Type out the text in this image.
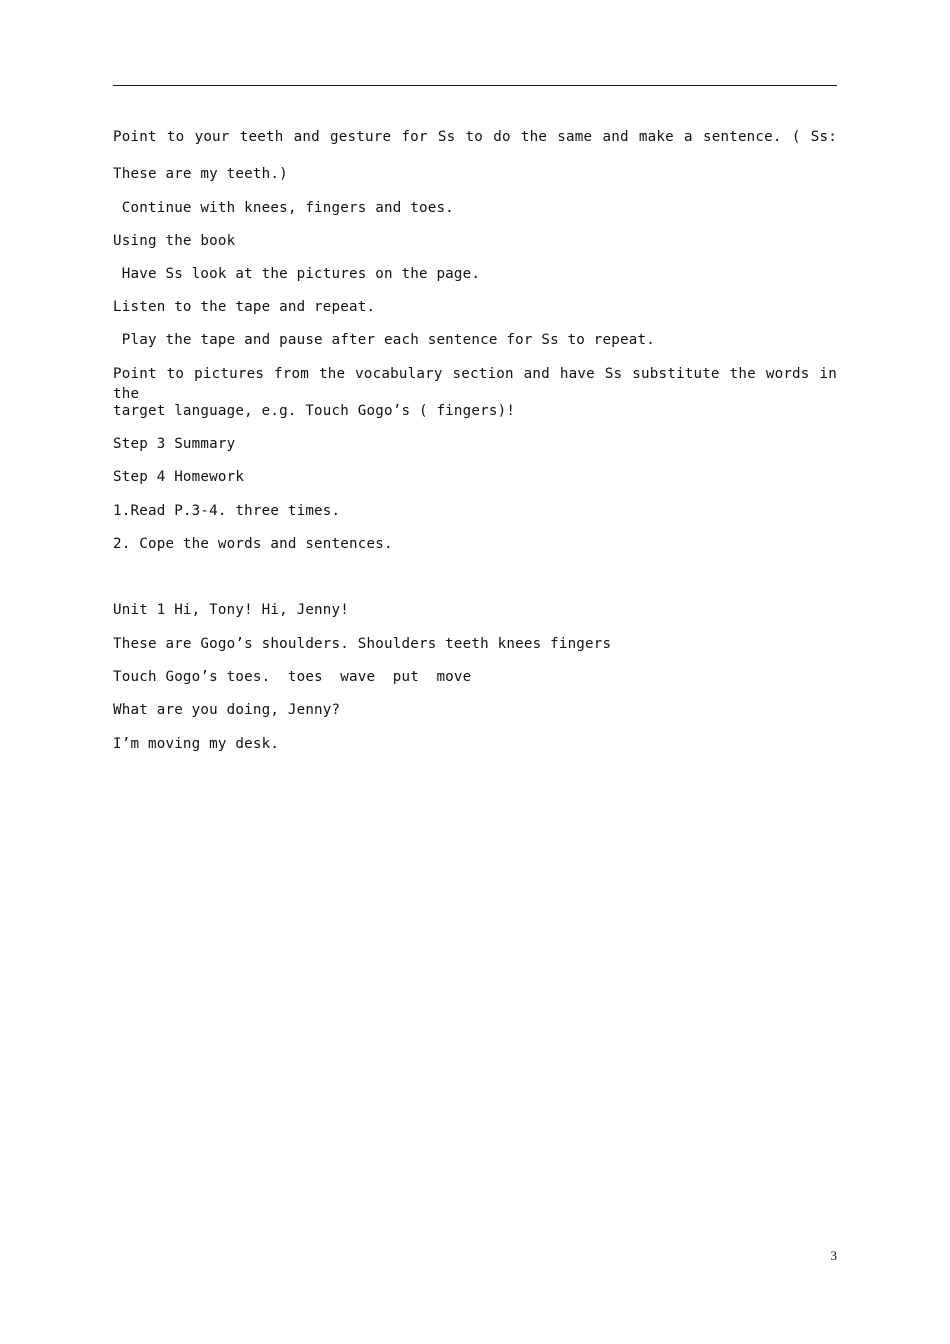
Point to your teeth and gesture for Ss to do the same and make a sentence. ( Ss:
These are my teeth.)
Continue with knees, fingers and toes.
Using the book
Have Ss look at the pictures on the page.
Listen to the tape and repeat.
Play the tape and pause after each sentence for Ss to repeat.
Point to pictures from the vocabulary section and have Ss substitute the words in the
target language, e.g. Touch Gogo’s ( fingers)!
Step 3 Summary
Step 4 Homework
1.Read P.3-4. three times.
2. Cope the words and sentences.
Unit 1 Hi, Tony! Hi, Jenny!
These are Gogo’s shoulders. Shoulders teeth knees fingers
Touch Gogo’s toes.  toes  wave  put  move
What are you doing, Jenny?
I’m moving my desk.
3
